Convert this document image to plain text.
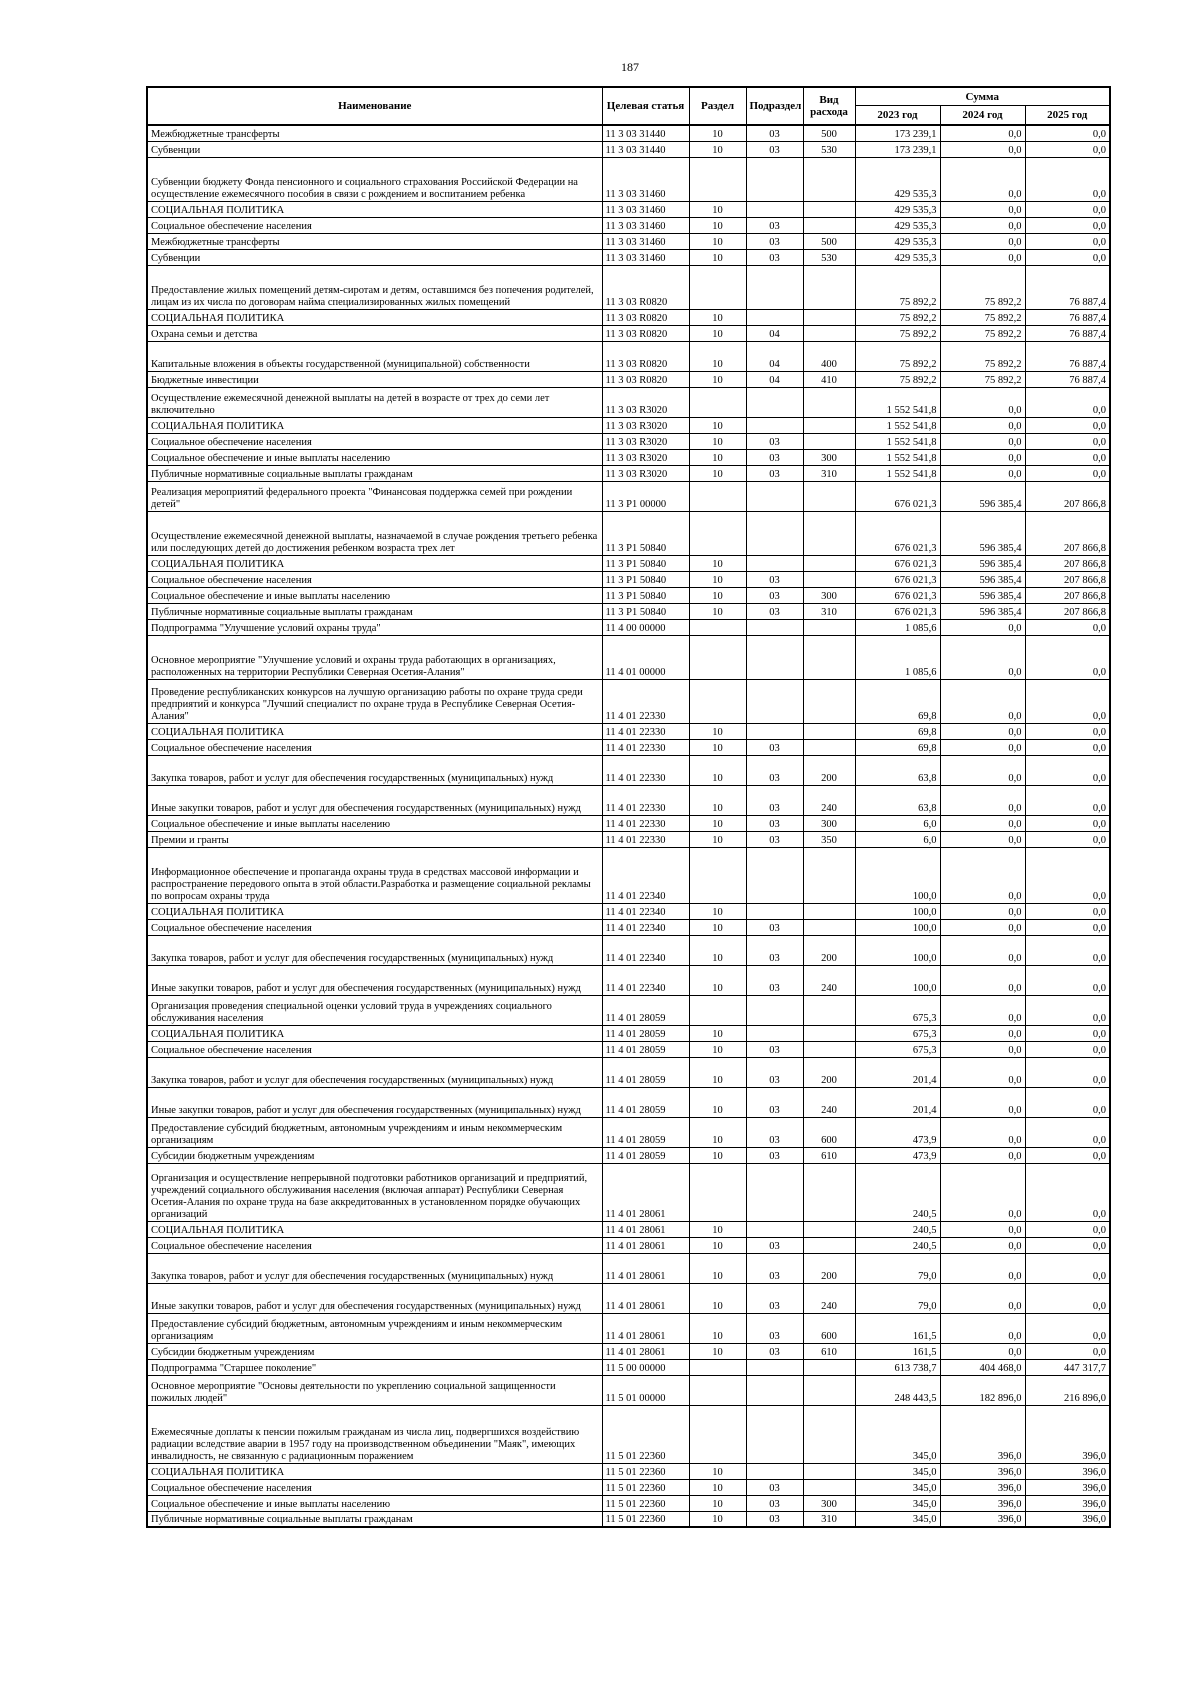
187
Наименование	Целевая статья	Раздел	Подраздел	Вид расхода	Сумма		
					2023 год	2024 год	2025 год
Межбюджетные трансферты	11 3 03 31440	10	03	500	173 239,1	0,0	0,0
Субвенции	11 3 03 31440	10	03	530	173 239,1	0,0	0,0
Субвенции бюджету Фонда пенсионного и социального страхования Российской Федерации на осуществление ежемесячного пособия в связи с рождением и воспитанием ребенка	11 3 03 31460				429 535,3	0,0	0,0
СОЦИАЛЬНАЯ ПОЛИТИКА	11 3 03 31460	10			429 535,3	0,0	0,0
Социальное обеспечение населения	11 3 03 31460	10	03		429 535,3	0,0	0,0
Межбюджетные трансферты	11 3 03 31460	10	03	500	429 535,3	0,0	0,0
Субвенции	11 3 03 31460	10	03	530	429 535,3	0,0	0,0
Предоставление жилых помещений детям-сиротам и детям, оставшимся без попечения родителей, лицам из их числа по договорам найма специализированных жилых помещений	11 3 03 R0820				75 892,2	75 892,2	76 887,4
СОЦИАЛЬНАЯ ПОЛИТИКА	11 3 03 R0820	10			75 892,2	75 892,2	76 887,4
Охрана семьи и детства	11 3 03 R0820	10	04		75 892,2	75 892,2	76 887,4
Капитальные вложения в объекты государственной (муниципальной) собственности	11 3 03 R0820	10	04	400	75 892,2	75 892,2	76 887,4
Бюджетные инвестиции	11 3 03 R0820	10	04	410	75 892,2	75 892,2	76 887,4
Осуществление ежемесячной денежной выплаты на детей в возрасте от трех до семи лет включительно	11 3 03 R3020				1 552 541,8	0,0	0,0
СОЦИАЛЬНАЯ ПОЛИТИКА	11 3 03 R3020	10			1 552 541,8	0,0	0,0
Социальное обеспечение населения	11 3 03 R3020	10	03		1 552 541,8	0,0	0,0
Социальное обеспечение и иные выплаты населению	11 3 03 R3020	10	03	300	1 552 541,8	0,0	0,0
Публичные нормативные социальные выплаты гражданам	11 3 03 R3020	10	03	310	1 552 541,8	0,0	0,0
Реализация мероприятий федерального проекта "Финансовая поддержка семей при рождении детей"	11 3 P1 00000				676 021,3	596 385,4	207 866,8
Осуществление ежемесячной денежной выплаты, назначаемой в случае рождения третьего ребенка или последующих детей до достижения ребенком возраста трех лет	11 3 P1 50840				676 021,3	596 385,4	207 866,8
СОЦИАЛЬНАЯ ПОЛИТИКА	11 3 P1 50840	10			676 021,3	596 385,4	207 866,8
Социальное обеспечение населения	11 3 P1 50840	10	03		676 021,3	596 385,4	207 866,8
Социальное обеспечение и иные выплаты населению	11 3 P1 50840	10	03	300	676 021,3	596 385,4	207 866,8
Публичные нормативные социальные выплаты гражданам	11 3 P1 50840	10	03	310	676 021,3	596 385,4	207 866,8
Подпрограмма "Улучшение условий охраны труда"	11 4 00 00000				1 085,6	0,0	0,0
Основное мероприятие "Улучшение условий и охраны труда работающих в организациях, расположенных на территории Республики Северная Осетия-Алания"	11 4 01 00000				1 085,6	0,0	0,0
Проведение республиканских конкурсов на лучшую организацию работы по охране труда среди предприятий и конкурса "Лучший специалист по охране труда в Республике Северная Осетия-Алания"	11 4 01 22330				69,8	0,0	0,0
СОЦИАЛЬНАЯ ПОЛИТИКА	11 4 01 22330	10			69,8	0,0	0,0
Социальное обеспечение населения	11 4 01 22330	10	03		69,8	0,0	0,0
Закупка товаров, работ и услуг для обеспечения государственных (муниципальных) нужд	11 4 01 22330	10	03	200	63,8	0,0	0,0
Иные закупки товаров, работ и услуг для обеспечения государственных (муниципальных) нужд	11 4 01 22330	10	03	240	63,8	0,0	0,0
Социальное обеспечение и иные выплаты населению	11 4 01 22330	10	03	300	6,0	0,0	0,0
Премии и гранты	11 4 01 22330	10	03	350	6,0	0,0	0,0
Информационное обеспечение и пропаганда охраны труда в средствах массовой информации и распространение передового опыта в этой области.Разработка и размещение социальной рекламы по вопросам охраны труда	11 4 01 22340				100,0	0,0	0,0
СОЦИАЛЬНАЯ ПОЛИТИКА	11 4 01 22340	10			100,0	0,0	0,0
Социальное обеспечение населения	11 4 01 22340	10	03		100,0	0,0	0,0
Закупка товаров, работ и услуг для обеспечения государственных (муниципальных) нужд	11 4 01 22340	10	03	200	100,0	0,0	0,0
Иные закупки товаров, работ и услуг для обеспечения государственных (муниципальных) нужд	11 4 01 22340	10	03	240	100,0	0,0	0,0
Организация проведения специальной оценки условий труда в учреждениях социального обслуживания населения	11 4 01 28059				675,3	0,0	0,0
СОЦИАЛЬНАЯ ПОЛИТИКА	11 4 01 28059	10			675,3	0,0	0,0
Социальное обеспечение населения	11 4 01 28059	10	03		675,3	0,0	0,0
Закупка товаров, работ и услуг для обеспечения государственных (муниципальных) нужд	11 4 01 28059	10	03	200	201,4	0,0	0,0
Иные закупки товаров, работ и услуг для обеспечения государственных (муниципальных) нужд	11 4 01 28059	10	03	240	201,4	0,0	0,0
Предоставление субсидий бюджетным, автономным учреждениям и иным некоммерческим организациям	11 4 01 28059	10	03	600	473,9	0,0	0,0
Субсидии бюджетным учреждениям	11 4 01 28059	10	03	610	473,9	0,0	0,0
Организация и осуществление непрерывной подготовки работников организаций и предприятий, учреждений социального обслуживания населения (включая аппарат) Республики Северная Осетия-Алания по охране труда на базе аккредитованных в установленном порядке обучающих организаций	11 4 01 28061				240,5	0,0	0,0
СОЦИАЛЬНАЯ ПОЛИТИКА	11 4 01 28061	10			240,5	0,0	0,0
Социальное обеспечение населения	11 4 01 28061	10	03		240,5	0,0	0,0
Закупка товаров, работ и услуг для обеспечения государственных (муниципальных) нужд	11 4 01 28061	10	03	200	79,0	0,0	0,0
Иные закупки товаров, работ и услуг для обеспечения государственных (муниципальных) нужд	11 4 01 28061	10	03	240	79,0	0,0	0,0
Предоставление субсидий бюджетным, автономным учреждениям и иным некоммерческим организациям	11 4 01 28061	10	03	600	161,5	0,0	0,0
Субсидии бюджетным учреждениям	11 4 01 28061	10	03	610	161,5	0,0	0,0
Подпрограмма "Старшее поколение"	11 5 00 00000				613 738,7	404 468,0	447 317,7
Основное мероприятие "Основы деятельности по укреплению социальной защищенности пожилых людей"	11 5 01 00000				248 443,5	182 896,0	216 896,0
Ежемесячные доплаты к пенсии пожилым гражданам из числа лиц, подвергшихся воздействию радиации вследствие аварии в 1957 году на производственном объединении "Маяк", имеющих инвалидность, не связанную с радиационным поражением	11 5 01 22360				345,0	396,0	396,0
СОЦИАЛЬНАЯ ПОЛИТИКА	11 5 01 22360	10			345,0	396,0	396,0
Социальное обеспечение населения	11 5 01 22360	10	03		345,0	396,0	396,0
Социальное обеспечение и иные выплаты населению	11 5 01 22360	10	03	300	345,0	396,0	396,0
Публичные нормативные социальные выплаты гражданам	11 5 01 22360	10	03	310	345,0	396,0	396,0
